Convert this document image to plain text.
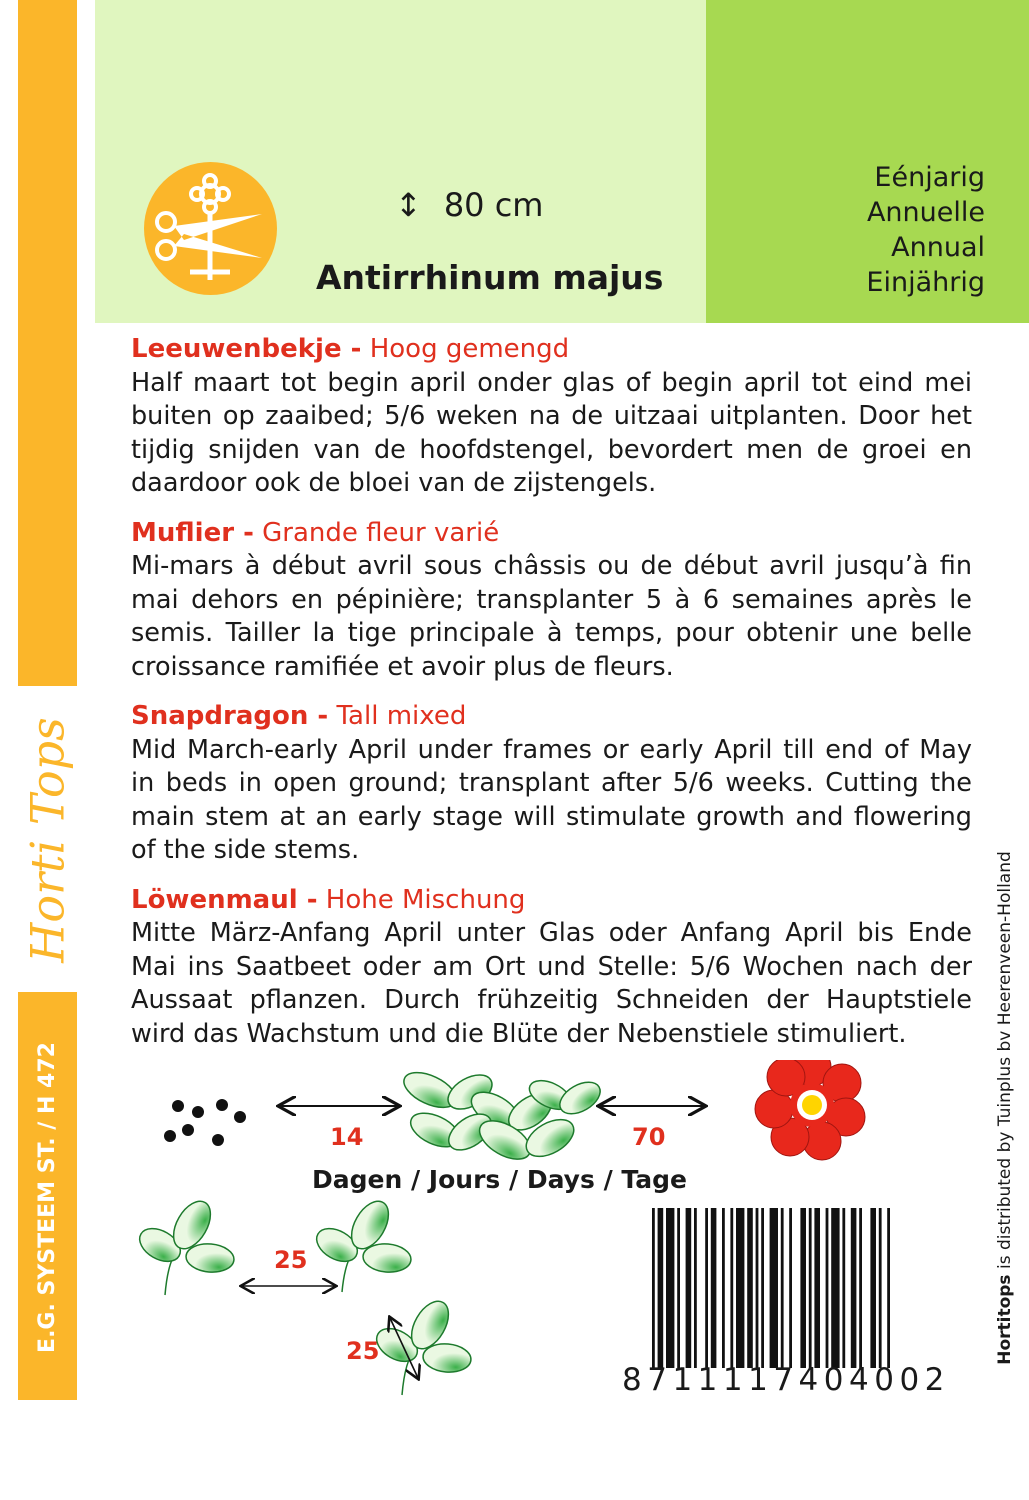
Horti Tops
E.G. SYSTEEM ST. / H 472
↕ 80 cm
Antirrhinum majus
Eénjarig
Annuelle
Annual
Einjährig
Leeuwenbekje - Hoog gemengd
Half maart tot begin april onder glas of begin april tot eind mei buiten op zaaibed; 5/6 weken na de uitzaai uitplanten. Door het tijdig snijden van de hoofdstengel, bevordert men de groei en daardoor ook de bloei van de zijstengels.
Muflier - Grande fleur varié
Mi-mars à début avril sous châssis ou de début avril jusqu’à fin mai dehors en pépinière; transplanter 5 à 6 semaines après le semis. Tailler la tige principale à temps, pour obtenir une belle croissance ramifiée et avoir plus de fleurs.
Snapdragon - Tall mixed
Mid March-early April under frames or early April till end of May in beds in open ground; transplant after 5/6 weeks. Cutting the main stem at an early stage will stimulate growth and flowering of the side stems.
Löwenmaul - Hohe Mischung
Mitte März-Anfang April unter Glas oder Anfang April bis Ende Mai ins Saatbeet oder am Ort und Stelle: 5/6 Wochen nach der Aussaat pflanzen. Durch frühzeitig Schneiden der Hauptstiele wird das Wachstum und die Blüte der Nebenstiele stimuliert.
14	70
Dagen / Jours / Days / Tage
25
25
8711117404002
Hortitops is distributed by Tuinplus bv Heerenveen-Holland
